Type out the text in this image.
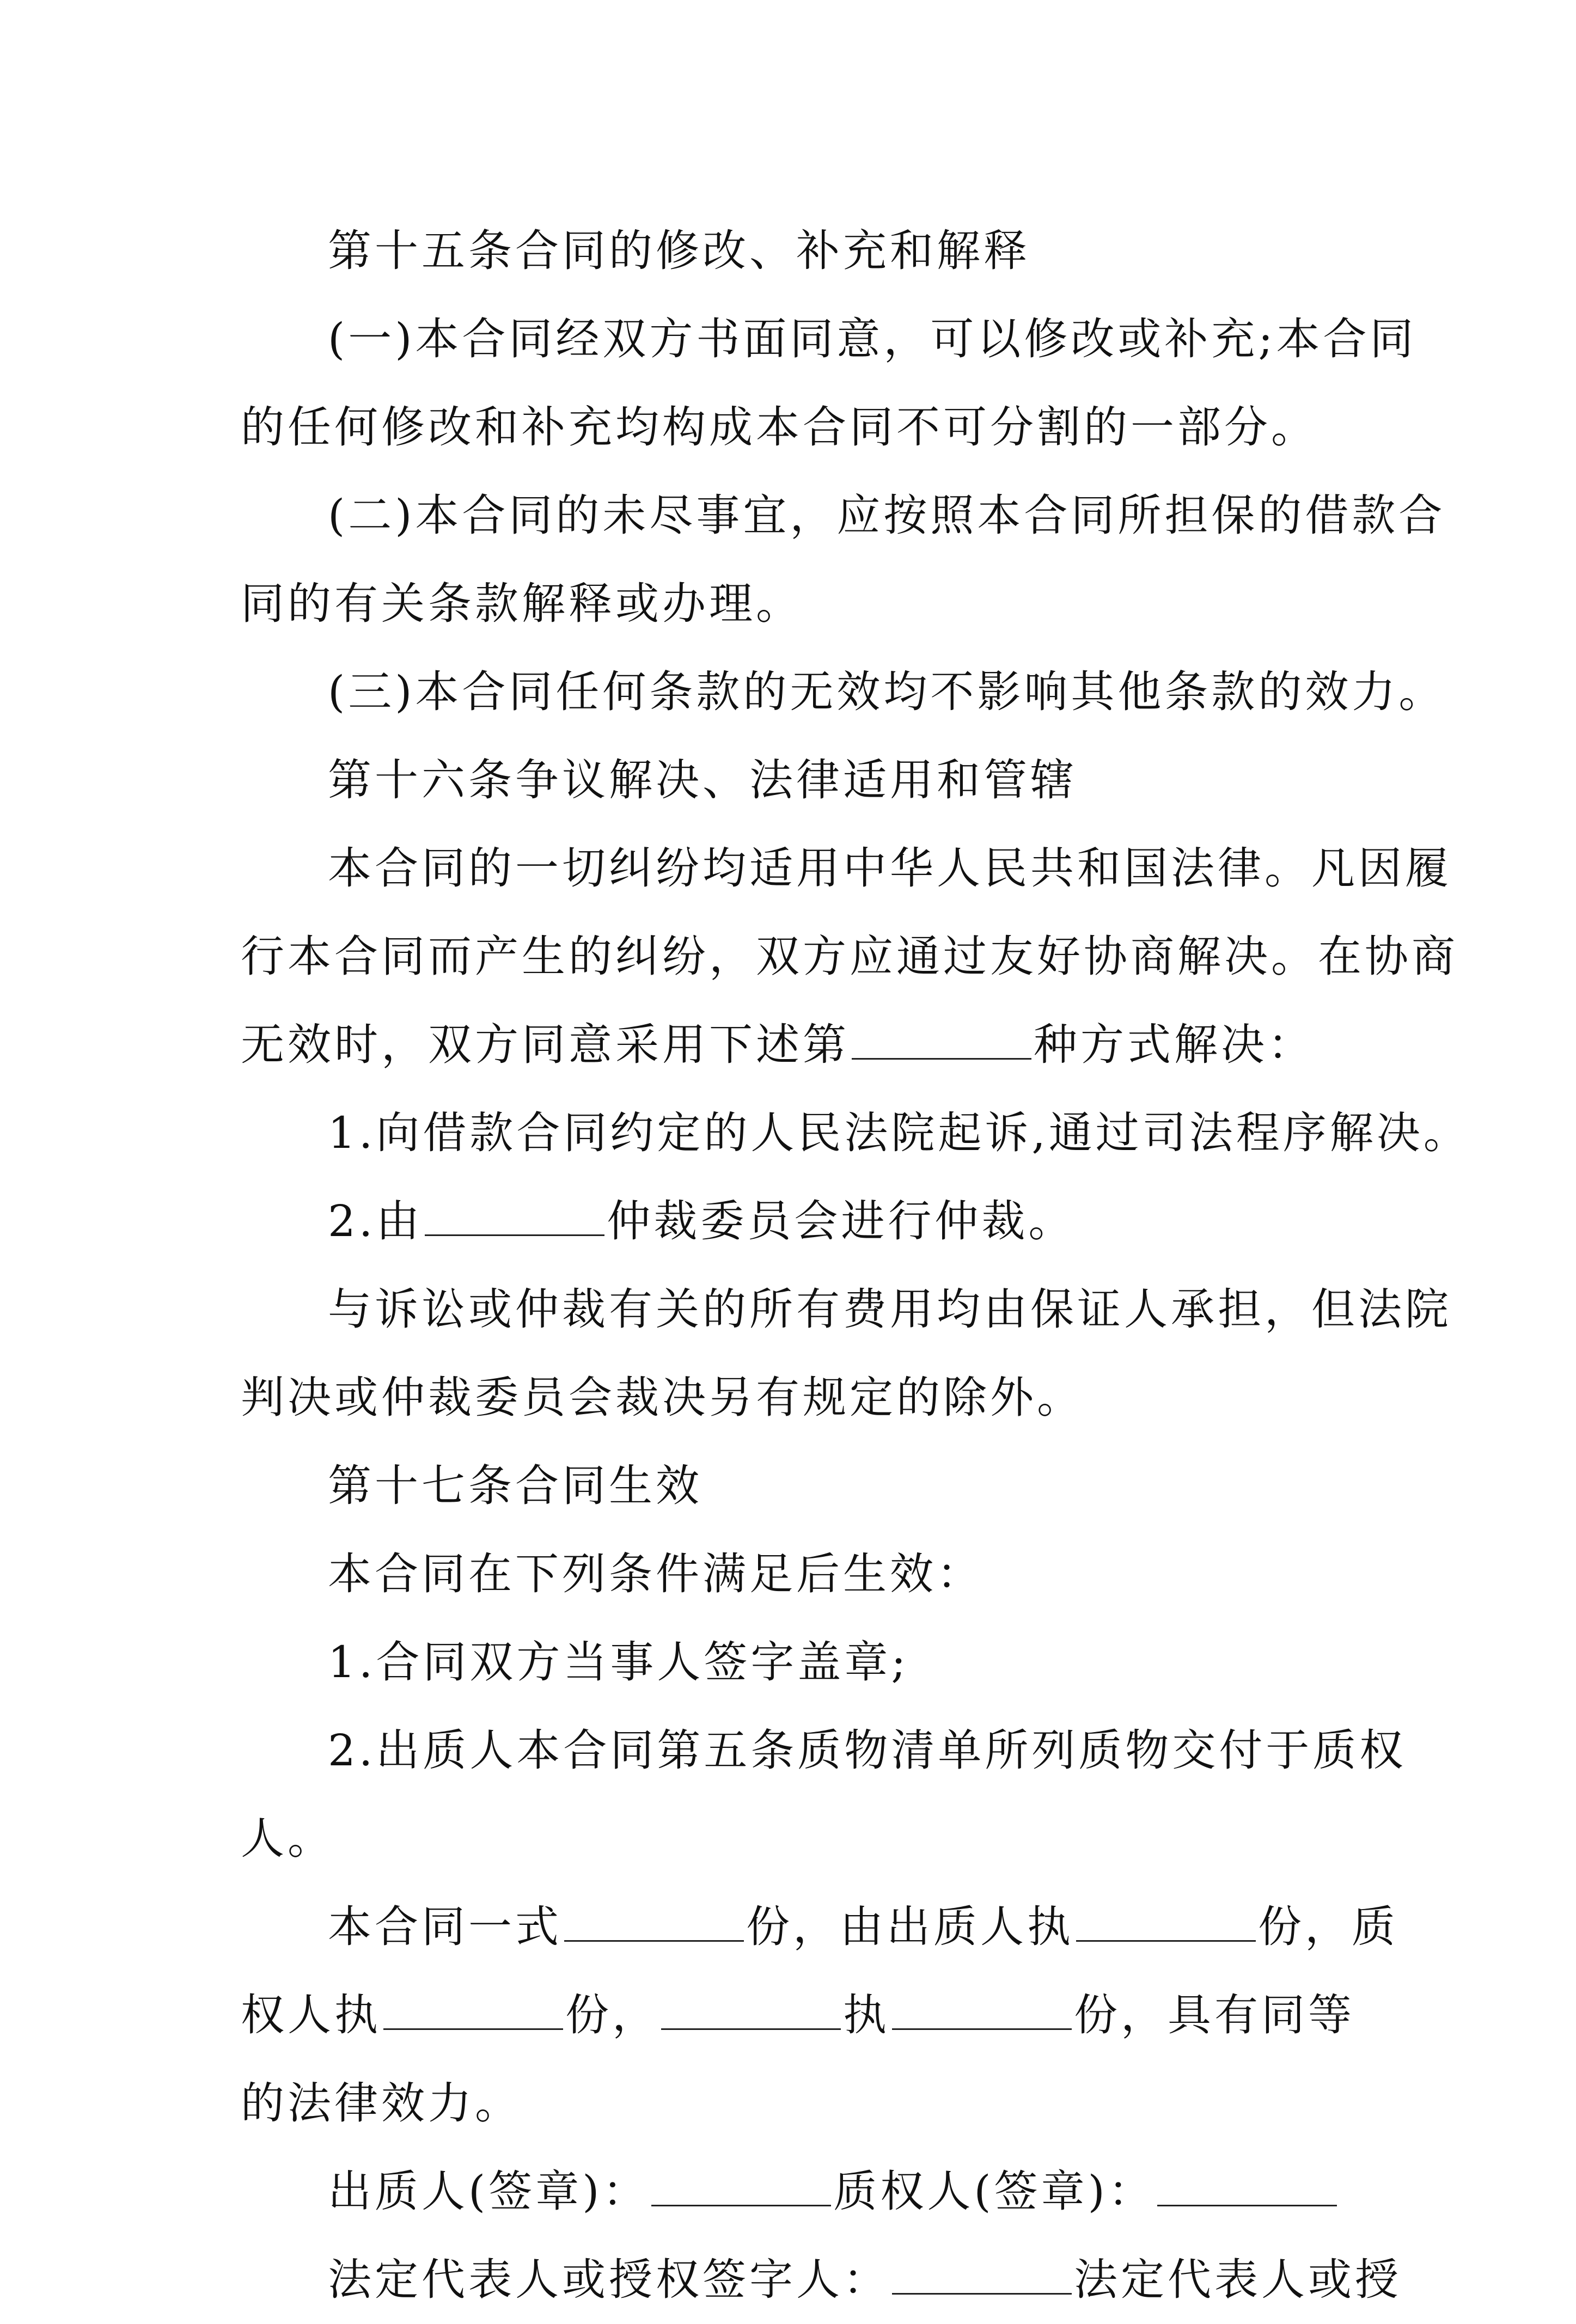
第十五条合同的修改、补充和解释
(一)本合同经双方书面同意，可以修改或补充;本合同
的任何修改和补充均构成本合同不可分割的一部分。
(二)本合同的未尽事宜，应按照本合同所担保的借款合
同的有关条款解释或办理。
(三)本合同任何条款的无效均不影响其他条款的效力。
第十六条争议解决、法律适用和管辖
本合同的一切纠纷均适用中华人民共和国法律。凡因履
行本合同而产生的纠纷，双方应通过友好协商解决。在协商
无效时，双方同意采用下述第	种方式解决：
1.向借款合同约定的人民法院起诉,通过司法程序解决。
2.由	仲裁委员会进行仲裁。
与诉讼或仲裁有关的所有费用均由保证人承担，但法院
判决或仲裁委员会裁决另有规定的除外。
第十七条合同生效
本合同在下列条件满足后生效：
1.合同双方当事人签字盖章;
2.出质人本合同第五条质物清单所列质物交付于质权
人。
本合同一式	份，由出质人执	份，质
权人执	份，	执	份，具有同等
的法律效力。
出质人(签章)：	质权人(签章)：
法定代表人或授权签字人：	法定代表人或授
